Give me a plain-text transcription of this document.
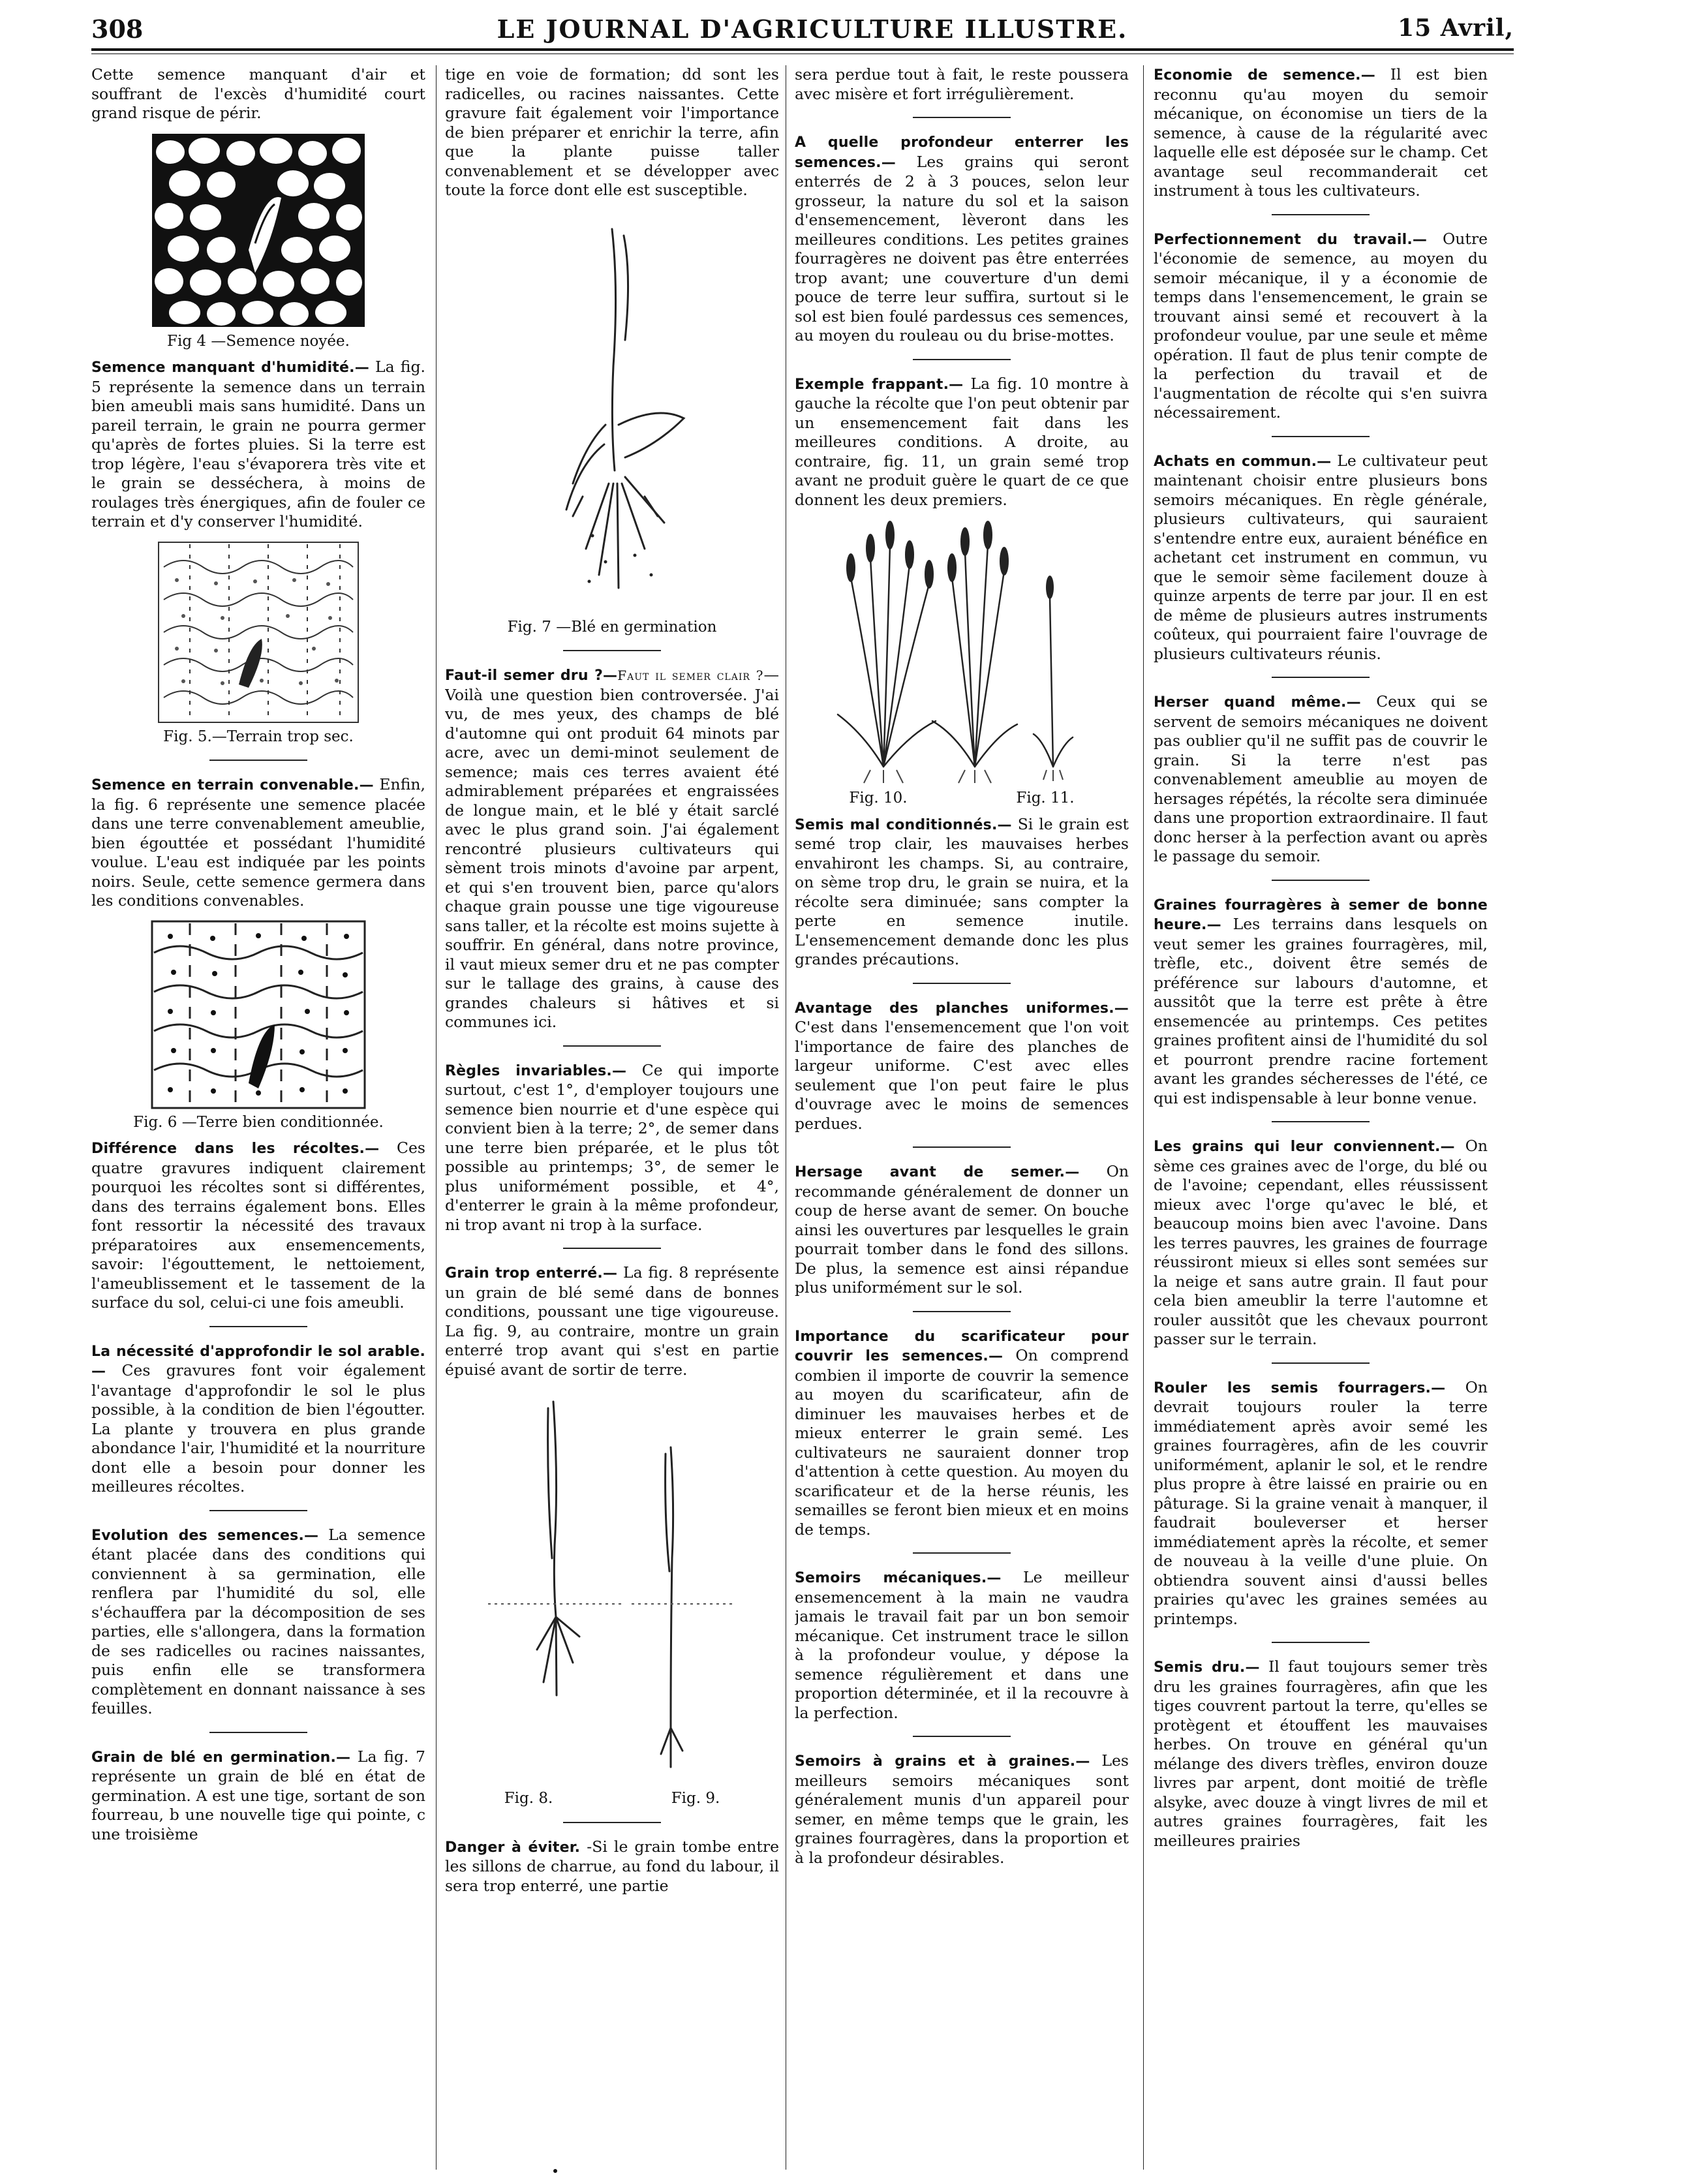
308	LE JOURNAL D'AGRICULTURE ILLUSTRE.	15 Avril,

Cette semence manquant d'air et souffrant de l'excès d'humidité court grand risque de périr.

Fig 4 —Semence noyée.

Semence manquant d'humidité.— La fig. 5 représente la semence dans un terrain bien ameubli mais sans humidité. Dans un pareil terrain, le grain ne pourra germer qu'après de fortes pluies. Si la terre est trop légère, l'eau s'évaporera très vite et le grain se desséchera, à moins de roulages très énergiques, afin de fouler ce terrain et d'y conserver l'humidité.

Fig. 5.—Terrain trop sec.

Semence en terrain convenable.— Enfin, la fig. 6 représente une semence placée dans une terre convenablement ameublie, bien égouttée et possédant l'humidité voulue. L'eau est indiquée par les points noirs. Seule, cette semence germera dans les conditions convenables.

Fig. 6 —Terre bien conditionnée.

Différence dans les récoltes.— Ces quatre gravures indiquent clairement pourquoi les récoltes sont si différentes, dans des terrains également bons. Elles font ressortir la nécessité des travaux préparatoires aux ensemencements, savoir: l'égouttement, le nettoiement, l'ameublissement et le tassement de la surface du sol, celui-ci une fois ameubli.

La nécessité d'approfondir le sol arable.— Ces gravures font voir également l'avantage d'approfondir le sol le plus possible, à la condition de bien l'égoutter. La plante y trouvera en plus grande abondance l'air, l'humidité et la nourriture dont elle a besoin pour donner les meilleures récoltes.

Evolution des semences.— La semence étant placée dans des conditions qui conviennent à sa germination, elle renflera par l'humidité du sol, elle s'échauffera par la décomposition de ses parties, elle s'allongera, dans la formation de ses radicelles ou racines naissantes, puis enfin elle se transformera complètement en donnant naissance à ses feuilles.

Grain de blé en germination.— La fig. 7 représente un grain de blé en état de germination. A est une tige, sortant de son fourreau, b une nouvelle tige qui pointe, c une troisième

tige en voie de formation; dd sont les radicelles, ou racines naissantes. Cette gravure fait également voir l'importance de bien préparer et enrichir la terre, afin que la plante puisse taller convenablement et se développer avec toute la force dont elle est susceptible.

Fig. 7 —Blé en germination

Faut-il semer dru ?—Faut il semer clair ?—Voilà une question bien controversée. J'ai vu, de mes yeux, des champs de blé d'automne qui ont produit 64 minots par acre, avec un demi-minot seulement de semence; mais ces terres avaient été admirablement préparées et engraissées de longue main, et le blé y était sarclé avec le plus grand soin. J'ai également rencontré plusieurs cultivateurs qui sèment trois minots d'avoine par arpent, et qui s'en trouvent bien, parce qu'alors chaque grain pousse une tige vigoureuse sans taller, et la récolte est moins sujette à souffrir. En général, dans notre province, il vaut mieux semer dru et ne pas compter sur le tallage des grains, à cause des grandes chaleurs si hâtives et si communes ici.

Règles invariables.— Ce qui importe surtout, c'est 1°, d'employer toujours une semence bien nourrie et d'une espèce qui convient bien à la terre; 2°, de semer dans une terre bien préparée, et le plus tôt possible au printemps; 3°, de semer le plus uniformément possible, et 4°, d'enterrer le grain à la même profondeur, ni trop avant ni trop à la surface.

Grain trop enterré.— La fig. 8 représente un grain de blé semé dans de bonnes conditions, poussant une tige vigoureuse. La fig. 9, au contraire, montre un grain enterré trop avant qui s'est en partie épuisé avant de sortir de terre.

Fig. 8.	Fig. 9.

Danger à éviter. -Si le grain tombe entre les sillons de charrue, au fond du labour, il sera trop enterré, une partie

sera perdue tout à fait, le reste poussera avec misère et fort irrégulièrement.

A quelle profondeur enterrer les semences.— Les grains qui seront enterrés de 2 à 3 pouces, selon leur grosseur, la nature du sol et la saison d'ensemencement, lèveront dans les meilleures conditions. Les petites graines fourragères ne doivent pas être enterrées trop avant; une couverture d'un demi pouce de terre leur suffira, surtout si le sol est bien foulé pardessus ces semences, au moyen du rouleau ou du brise-mottes.

Exemple frappant.— La fig. 10 montre à gauche la récolte que l'on peut obtenir par un ensemencement fait dans les meilleures conditions. A droite, au contraire, fig. 11, un grain semé trop avant ne produit guère le quart de ce que donnent les deux premiers.

Fig. 10.	Fig. 11.

Semis mal conditionnés.— Si le grain est semé trop clair, les mauvaises herbes envahiront les champs. Si, au contraire, on sème trop dru, le grain se nuira, et la récolte sera diminuée; sans compter la perte en semence inutile. L'ensemencement demande donc les plus grandes précautions.

Avantage des planches uniformes.— C'est dans l'ensemencement que l'on voit l'importance de faire des planches de largeur uniforme. C'est avec elles seulement que l'on peut faire le plus d'ouvrage avec le moins de semences perdues.

Hersage avant de semer.— On recommande généralement de donner un coup de herse avant de semer. On bouche ainsi les ouvertures par lesquelles le grain pourrait tomber dans le fond des sillons. De plus, la semence est ainsi répandue plus uniformément sur le sol.

Importance du scarificateur pour couvrir les semences.— On comprend combien il importe de couvrir la semence au moyen du scarificateur, afin de diminuer les mauvaises herbes et de mieux enterrer le grain semé. Les cultivateurs ne sauraient donner trop d'attention à cette question. Au moyen du scarificateur et de la herse réunis, les semailles se feront bien mieux et en moins de temps.

Semoirs mécaniques.— Le meilleur ensemencement à la main ne vaudra jamais le travail fait par un bon semoir mécanique. Cet instrument trace le sillon à la profondeur voulue, y dépose la semence régulièrement et dans une proportion déterminée, et il la recouvre à la perfection.

Semoirs à grains et à graines.— Les meilleurs semoirs mécaniques sont généralement munis d'un appareil pour semer, en même temps que le grain, les graines fourragères, dans la proportion et à la profondeur désirables.

Economie de semence.— Il est bien reconnu qu'au moyen du semoir mécanique, on économise un tiers de la semence, à cause de la régularité avec laquelle elle est déposée sur le champ. Cet avantage seul recommanderait cet instrument à tous les cultivateurs.

Perfectionnement du travail.— Outre l'économie de semence, au moyen du semoir mécanique, il y a économie de temps dans l'ensemencement, le grain se trouvant ainsi semé et recouvert à la profondeur voulue, par une seule et même opération. Il faut de plus tenir compte de la perfection du travail et de l'augmentation de récolte qui s'en suivra nécessairement.

Achats en commun.— Le cultivateur peut maintenant choisir entre plusieurs bons semoirs mécaniques. En règle générale, plusieurs cultivateurs, qui sauraient s'entendre entre eux, auraient bénéfice en achetant cet instrument en commun, vu que le semoir sème facilement douze à quinze arpents de terre par jour. Il en est de même de plusieurs autres instruments coûteux, qui pourraient faire l'ouvrage de plusieurs cultivateurs réunis.

Herser quand même.— Ceux qui se servent de semoirs mécaniques ne doivent pas oublier qu'il ne suffit pas de couvrir le grain. Si la terre n'est pas convenablement ameublie au moyen de hersages répétés, la récolte sera diminuée dans une proportion extraordinaire. Il faut donc herser à la perfection avant ou après le passage du semoir.

Graines fourragères à semer de bonne heure.— Les terrains dans lesquels on veut semer les graines fourragères, mil, trèfle, etc., doivent être semés de préférence sur labours d'automne, et aussitôt que la terre est prête à être ensemencée au printemps. Ces petites graines profitent ainsi de l'humidité du sol et pourront prendre racine fortement avant les grandes sécheresses de l'été, ce qui est indispensable à leur bonne venue.

Les grains qui leur conviennent.— On sème ces graines avec de l'orge, du blé ou de l'avoine; cependant, elles réussissent mieux avec l'orge qu'avec le blé, et beaucoup moins bien avec l'avoine. Dans les terres pauvres, les graines de fourrage réussiront mieux si elles sont semées sur la neige et sans autre grain. Il faut pour cela bien ameublir la terre l'automne et rouler aussitôt que les chevaux pourront passer sur le terrain.

Rouler les semis fourragers.— On devrait toujours rouler la terre immédiatement après avoir semé les graines fourragères, afin de les couvrir uniformément, aplanir le sol, et le rendre plus propre à être laissé en prairie ou en pâturage. Si la graine venait à manquer, il faudrait bouleverser et herser immédiatement après la récolte, et semer de nouveau à la veille d'une pluie. On obtiendra souvent ainsi d'aussi belles prairies qu'avec les graines semées au printemps.

Semis dru.— Il faut toujours semer très dru les graines fourragères, afin que les tiges couvrent partout la terre, qu'elles se protègent et étouffent les mauvaises herbes. On trouve en général qu'un mélange des divers trèfles, environ douze livres par arpent, dont moitié de trèfle alsyke, avec douze à vingt livres de mil et autres graines fourragères, fait les meilleures prairies
